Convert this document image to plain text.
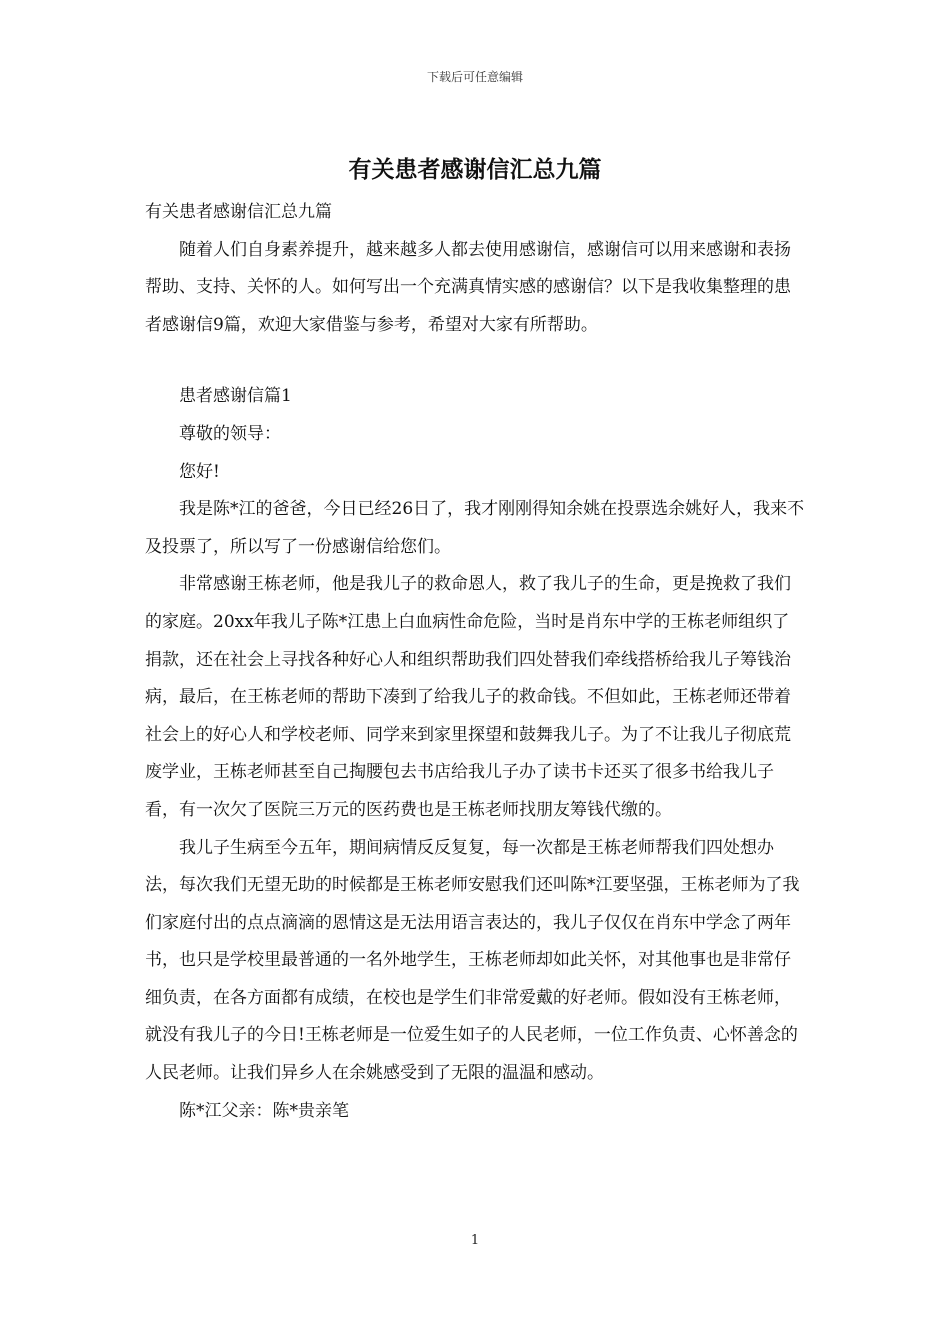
下载后可任意编辑
有关患者感谢信汇总九篇

有关患者感谢信汇总九篇

随着人们自身素养提升，越来越多人都去使用感谢信，感谢信可以用来感谢和表扬帮助、支持、关怀的人。如何写出一个充满真情实感的感谢信？以下是我收集整理的患者感谢信9篇，欢迎大家借鉴与参考，希望对大家有所帮助。

患者感谢信篇1

尊敬的领导：

您好!

我是陈*江的爸爸，今日已经26日了，我才刚刚得知余姚在投票选余姚好人，我来不及投票了，所以写了一份感谢信给您们。

非常感谢王栋老师，他是我儿子的救命恩人，救了我儿子的生命，更是挽救了我们的家庭。20xx年我儿子陈*江患上白血病性命危险，当时是肖东中学的王栋老师组织了捐款，还在社会上寻找各种好心人和组织帮助我们四处替我们牵线搭桥给我儿子筹钱治病，最后，在王栋老师的帮助下凑到了给我儿子的救命钱。不但如此，王栋老师还带着社会上的好心人和学校老师、同学来到家里探望和鼓舞我儿子。为了不让我儿子彻底荒废学业，王栋老师甚至自己掏腰包去书店给我儿子办了读书卡还买了很多书给我儿子看，有一次欠了医院三万元的医药费也是王栋老师找朋友筹钱代缴的。

我儿子生病至今五年，期间病情反反复复，每一次都是王栋老师帮我们四处想办法，每次我们无望无助的时候都是王栋老师安慰我们还叫陈*江要坚强，王栋老师为了我们家庭付出的点点滴滴的恩情这是无法用语言表达的，我儿子仅仅在肖东中学念了两年书，也只是学校里最普通的一名外地学生，王栋老师却如此关怀，对其他事也是非常仔细负责，在各方面都有成绩，在校也是学生们非常爱戴的好老师。假如没有王栋老师，就没有我儿子的今日!王栋老师是一位爱生如子的人民老师，一位工作负责、心怀善念的人民老师。让我们异乡人在余姚感受到了无限的温温和感动。

陈*江父亲：陈*贵亲笔

1
